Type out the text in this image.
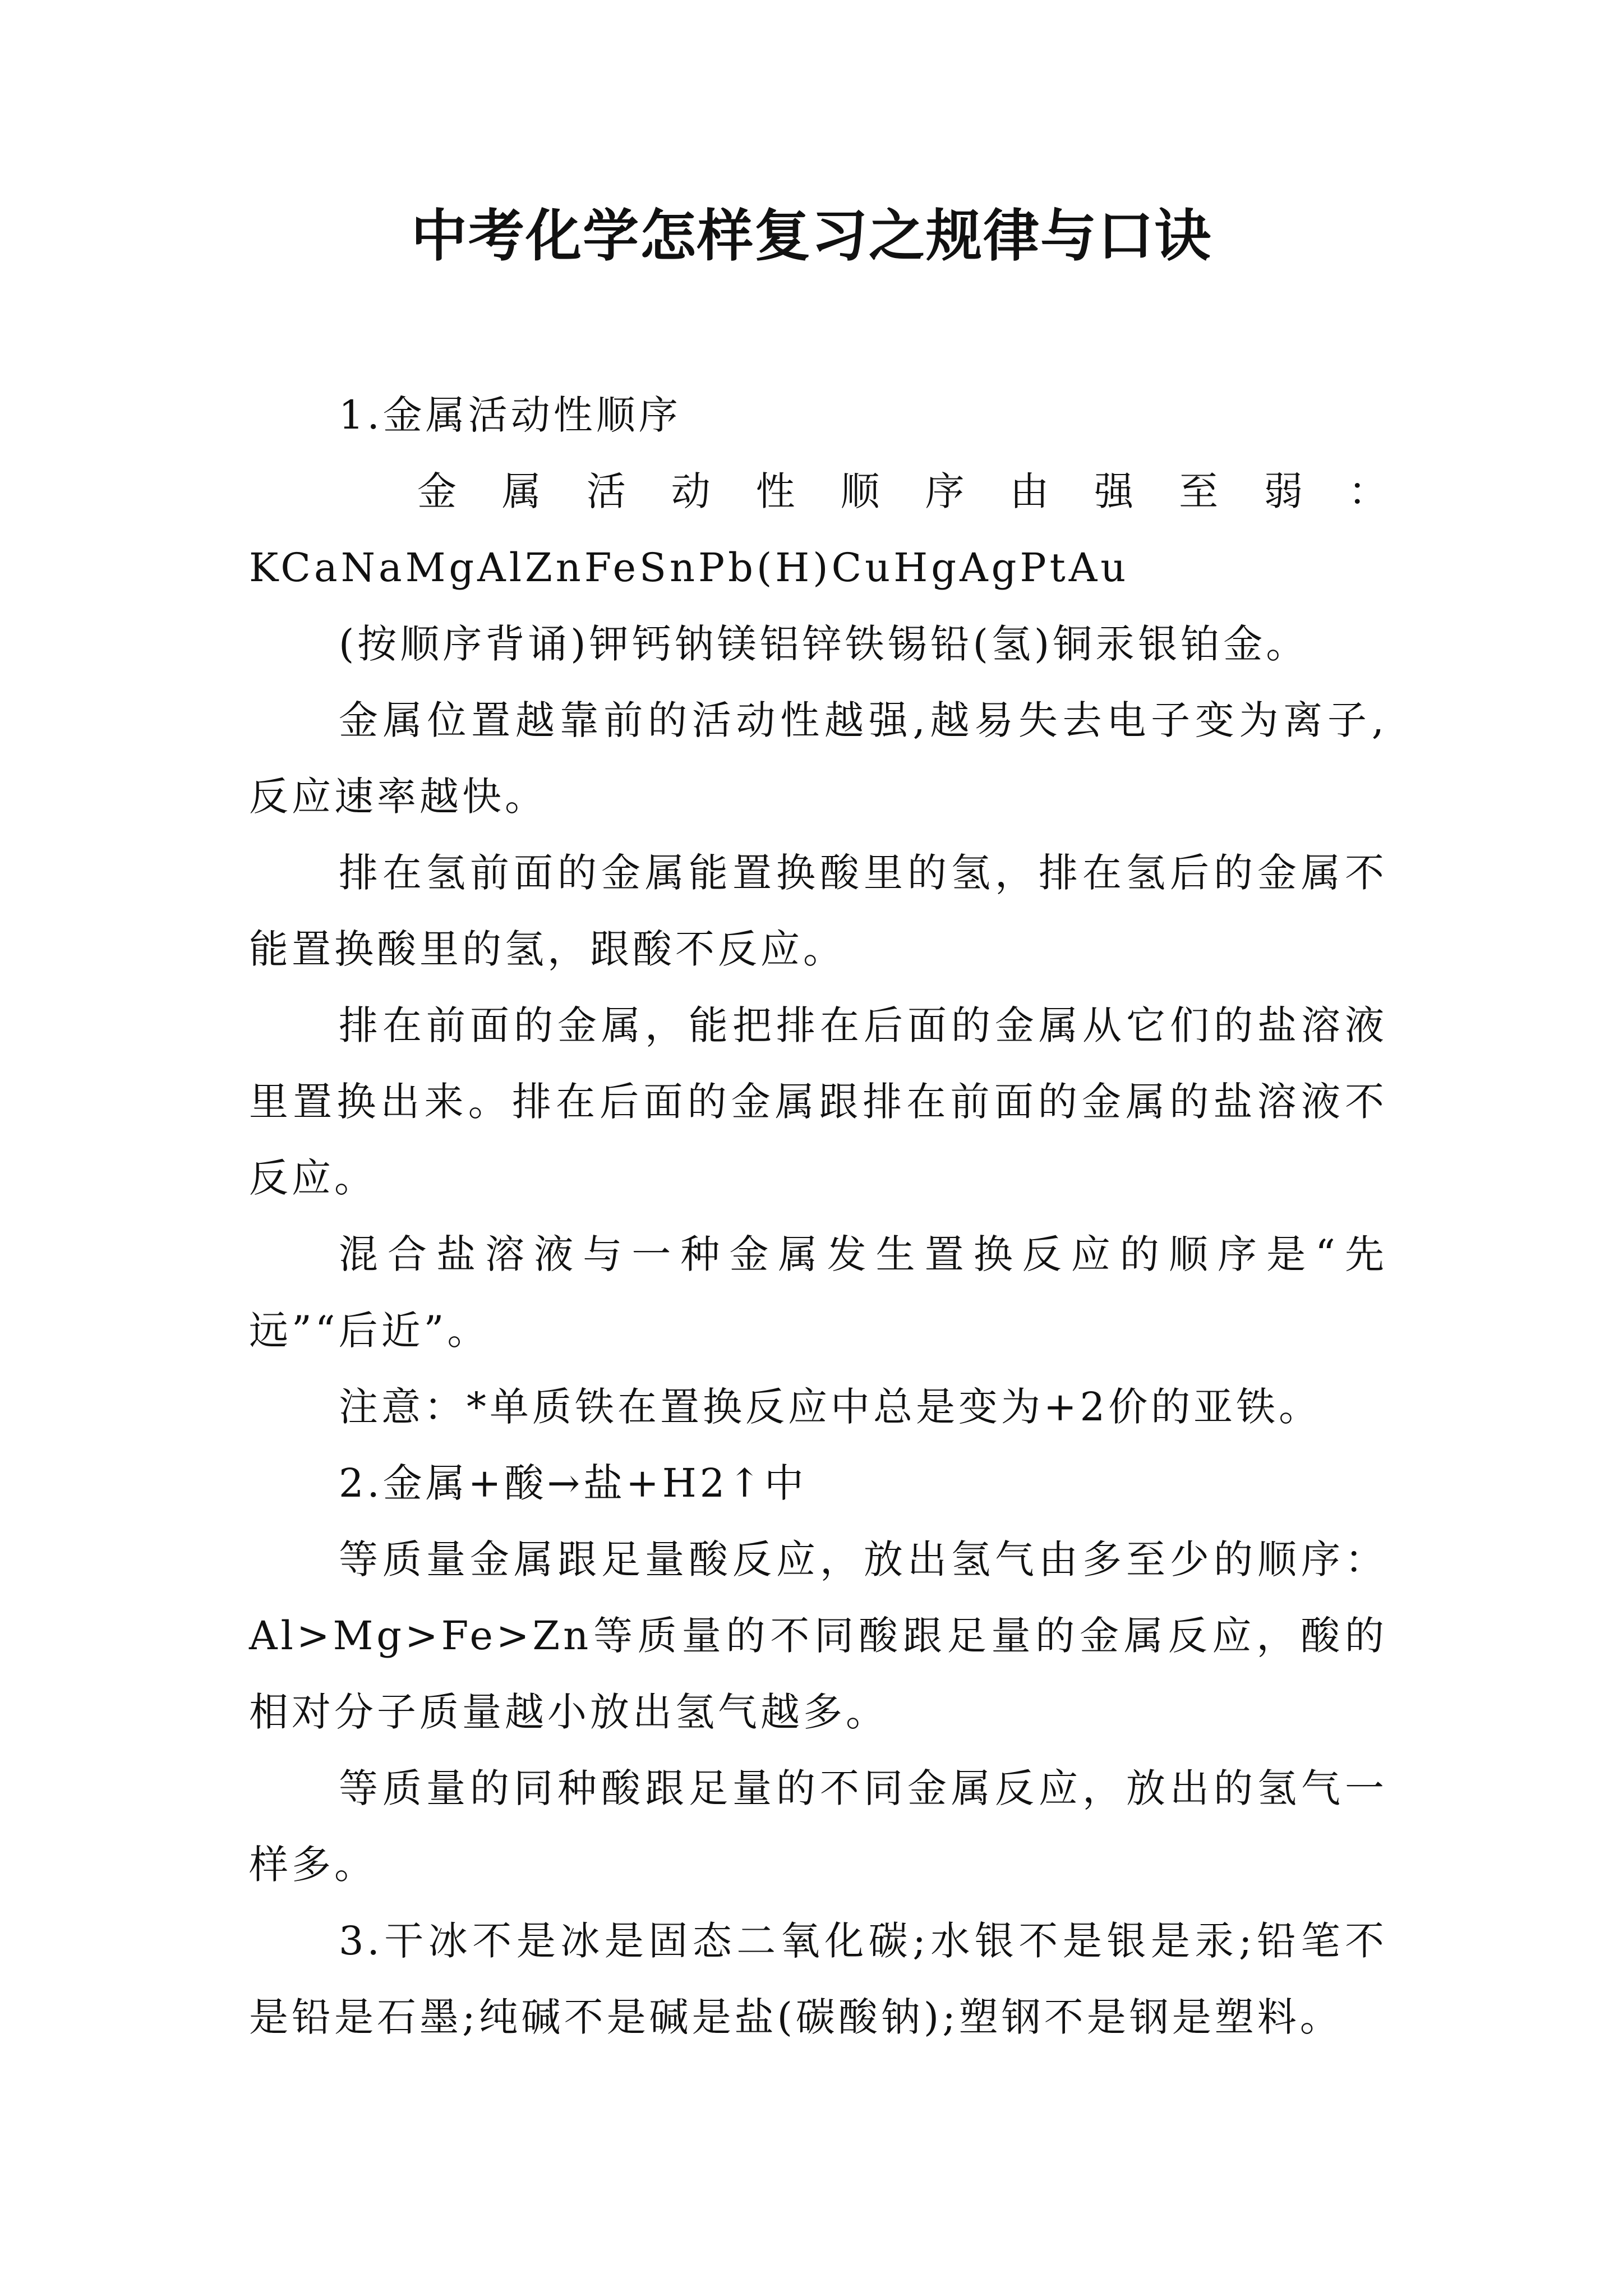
中考化学怎样复习之规律与口诀

1.金属活动性顺序

金属活动性顺序由强至弱：

KCaNaMgAlZnFeSnPb(H)CuHgAgPtAu

(按顺序背诵)钾钙钠镁铝锌铁锡铅(氢)铜汞银铂金。

金属位置越靠前的活动性越强,越易失去电子变为离子,反应速率越快。

排在氢前面的金属能置换酸里的氢，排在氢后的金属不能置换酸里的氢，跟酸不反应。

排在前面的金属，能把排在后面的金属从它们的盐溶液里置换出来。排在后面的金属跟排在前面的金属的盐溶液不反应。

混合盐溶液与一种金属发生置换反应的顺序是“先远”“后近”。

注意：*单质铁在置换反应中总是变为+2价的亚铁。

2.金属+酸→盐+H2↑中

等质量金属跟足量酸反应，放出氢气由多至少的顺序：Al>Mg>Fe>Zn等质量的不同酸跟足量的金属反应，酸的相对分子质量越小放出氢气越多。

等质量的同种酸跟足量的不同金属反应，放出的氢气一样多。

3.干冰不是冰是固态二氧化碳;水银不是银是汞;铅笔不是铅是石墨;纯碱不是碱是盐(碳酸钠);塑钢不是钢是塑料。
